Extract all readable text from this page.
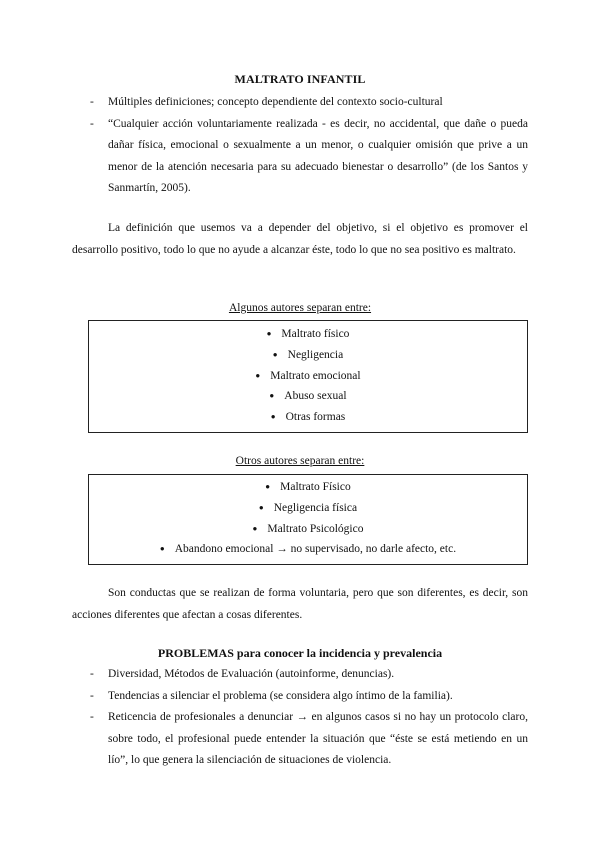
MALTRATO INFANTIL
- Múltiples definiciones; concepto dependiente del contexto socio-cultural
- “Cualquier acción voluntariamente realizada - es decir, no accidental, que dañe o pueda dañar física, emocional o sexualmente a un menor, o cualquier omisión que prive a un menor de la atención necesaria para su adecuado bienestar o desarrollo” (de los Santos y Sanmartín, 2005).
La definición que usemos va a depender del objetivo, si el objetivo es promover el desarrollo positivo, todo lo que no ayude a alcanzar éste, todo lo que no sea positivo es maltrato.
Algunos autores separan entre:
● Maltrato físico
● Negligencia
● Maltrato emocional
● Abuso sexual
● Otras formas
Otros autores separan entre:
● Maltrato Físico
● Negligencia física
● Maltrato Psicológico
● Abandono emocional → no supervisado, no darle afecto, etc.
Son conductas que se realizan de forma voluntaria, pero que son diferentes, es decir, son acciones diferentes que afectan a cosas diferentes.
PROBLEMAS para conocer la incidencia y prevalencia
- Diversidad, Métodos de Evaluación (autoinforme, denuncias).
- Tendencias a silenciar el problema (se considera algo íntimo de la familia).
- Reticencia de profesionales a denunciar → en algunos casos si no hay un protocolo claro, sobre todo, el profesional puede entender la situación que “éste se está metiendo en un lío”, lo que genera la silenciación de situaciones de violencia.
